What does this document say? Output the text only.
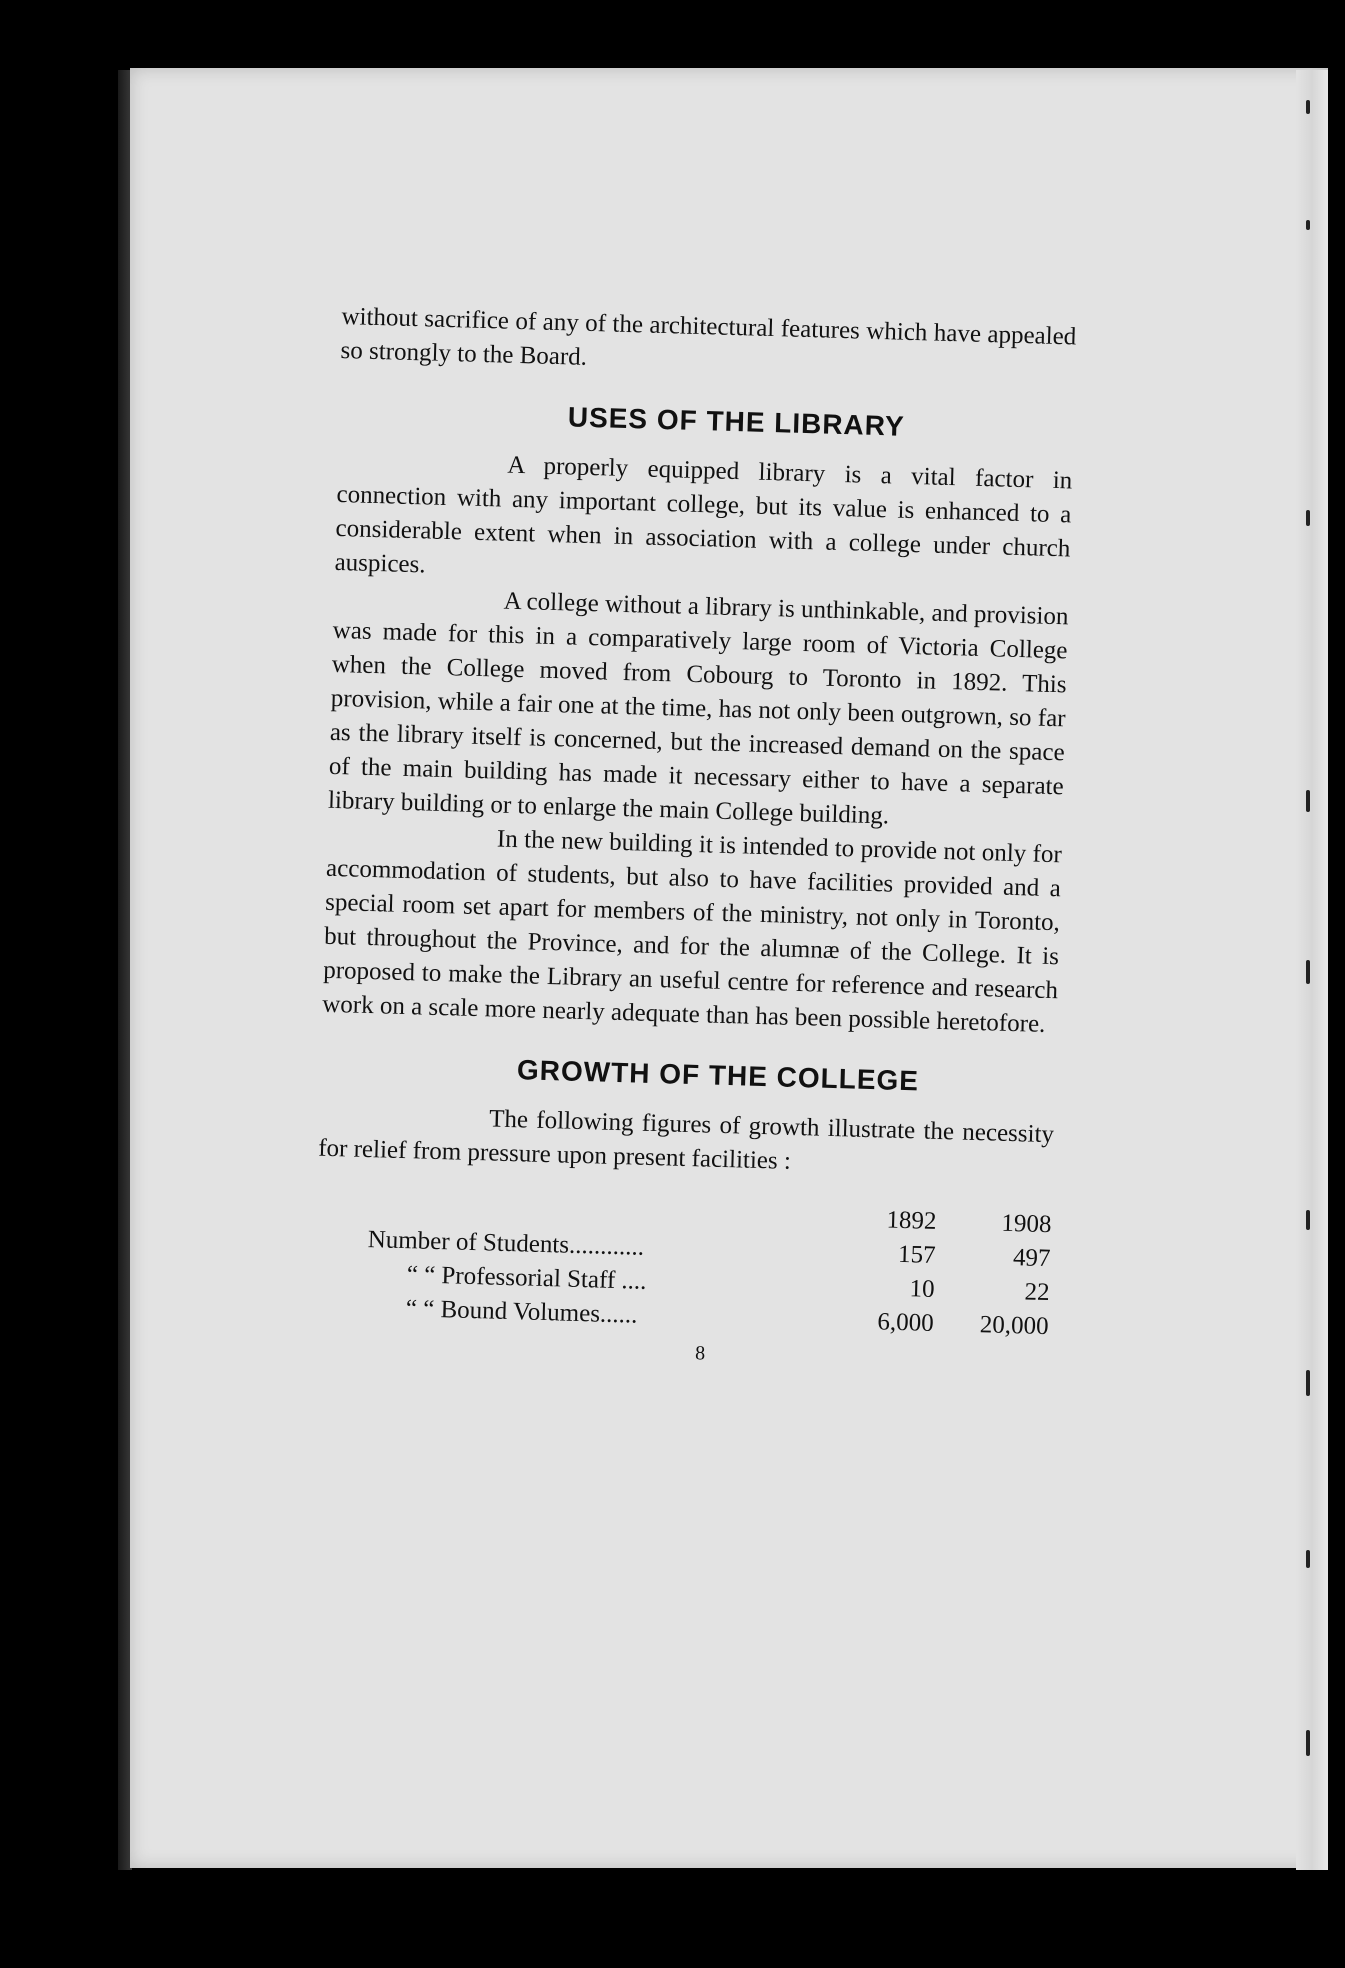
without sacrifice of any of the architectural features which have appealed so strongly to the Board.

USES OF THE LIBRARY

A properly equipped library is a vital factor in connection with any important college, but its value is enhanced to a considerable extent when in association with a college under church auspices.

A college without a library is unthinkable, and provision was made for this in a comparatively large room of Victoria College when the College moved from Cobourg to Toronto in 1892. This provision, while a fair one at the time, has not only been outgrown, so far as the library itself is concerned, but the increased demand on the space of the main building has made it necessary either to have a separate library building or to enlarge the main College building.

In the new building it is intended to provide not only for accommodation of students, but also to have facilities provided and a special room set apart for members of the ministry, not only in Toronto, but throughout the Province, and for the alumnæ of the College. It is proposed to make the Library an useful centre for reference and research work on a scale more nearly adequate than has been possible heretofore.

GROWTH OF THE COLLEGE

The following figures of growth illustrate the necessity for relief from pressure upon present facilities :

	1892	1908
Number of Students............	157	497
“ “ Professorial Staff ....	10	22
“ “ Bound Volumes......	6,000	20,000
8
